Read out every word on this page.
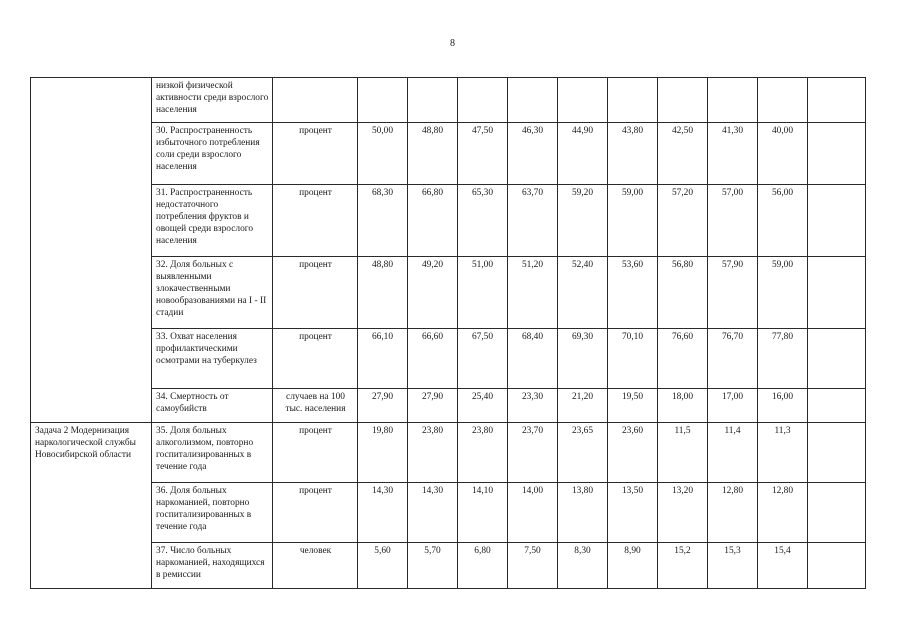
8
	низкой физической активности среди взрослого населения											
	30. Распространенность избыточного потребления соли среди взрослого населения	процент	50,00	48,80	47,50	46,30	44,90	43,80	42,50	41,30	40,00	
	31. Распространенность недостаточного потребления фруктов и овощей среди взрослого населения	процент	68,30	66,80	65,30	63,70	59,20	59,00	57,20	57,00	56,00	
	32. Доля больных с выявленными злокачественными новообразованиями на I - II стадии	процент	48,80	49,20	51,00	51,20	52,40	53,60	56,80	57,90	59,00	
	33. Охват населения профилактическими осмотрами на туберкулез	процент	66,10	66,60	67,50	68,40	69,30	70,10	76,60	76,70	77,80	
	34. Смертность от самоубийств	случаев на 100 тыс. населения	27,90	27,90	25,40	23,30	21,20	19,50	18,00	17,00	16,00	
Задача 2 Модернизация наркологической службы Новосибирской области	35. Доля больных алкоголизмом, повторно госпитализированных в течение года	процент	19,80	23,80	23,80	23,70	23,65	23,60	11,5	11,4	11,3	
	36. Доля больных наркоманией, повторно госпитализированных в течение года	процент	14,30	14,30	14,10	14,00	13,80	13,50	13,20	12,80	12,80	
	37. Число больных наркоманией, находящихся в ремиссии	человек	5,60	5,70	6,80	7,50	8,30	8,90	15,2	15,3	15,4	
